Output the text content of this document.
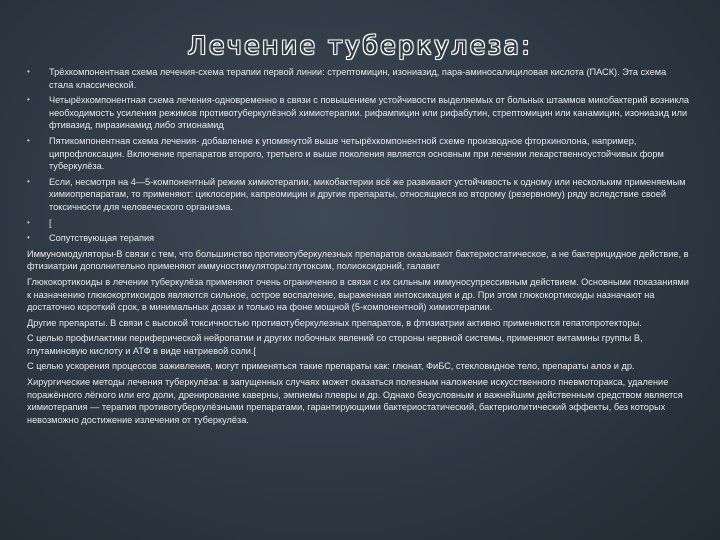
Лечение туберкулеза:
• Трёхкомпонентная схема лечения-схема терапии первой линии: стрептомицин, изониазид, пара-аминосалициловая кислота (ПАСК). Эта схема стала классической.
• Четырёхкомпонентная схема лечения-одновременно в связи с повышением устойчивости выделяемых от больных штаммов микобактерий возникла необходимость усиления режимов противотуберкулёзной химиотерапии. рифампицин или рифабутин, стрептомицин или канамицин, изониазид или фтивазид, пиразинамид либо этионамид
• Пятикомпонентная схема лечения- добавление к упомянутой выше четырёхкомпонентной схеме производное фторхинолона, например, ципрофлоксацин. Включение препаратов второго, третьего и выше поколения является основным при лечении лекарственноустойчивых форм туберкулёза.
• Если, несмотря на 4—5-компонентный режим химиотерапии, микобактерии всё же развивают устойчивость к одному или нескольким применяемым химиопрепаратам, то применяют: циклосерин, капреомицин и другие препараты, относящиеся ко второму (резервному) ряду вследствие своей токсичности для человеческого организма.
• [
• Сопутствующая терапия

Иммуномодуляторы-В связи с тем, что большинство противотуберкулезных препаратов оказывают бактериостатическое, а не бактерицидное действие, в фтизиатрии дополнительно применяют иммуностимуляторы:глутоксим, полиоксидоний, галавит

Глюкокортикоиды в лечении туберкулёза применяют очень ограниченно в связи с их сильным иммуносупрессивным действием. Основными показаниями к назначению глюкокортикоидов являются сильное, острое воспаление, выраженная интоксикация и др. При этом глюкокортикоиды назначают на достаточно короткий срок, в минимальных дозах и только на фоне мощной (5-компонентной) химиотерапии.

Другие препараты. В связи с высокой токсичностью противотуберкулезных препаратов, в фтизиатрии активно применяются гепатопротекторы.

С целью профилактики периферической нейропатии и других побочных явлений со стороны нервной системы, применяют витамины группы B, глутаминовую кислоту и АТФ в виде натриевой соли.[

С целью ускорения процессов заживления, могут применяться такие препараты как: глюнат, ФиБС, стекловидное тело, препараты алоэ и др.

Хирургические методы лечения туберкулёза: в запущенных случаях может оказаться полезным наложение искусственного пневмоторакса, удаление поражённого лёгкого или его доли, дренирование каверны, эмпиемы плевры и др. Однако безусловным и важнейшим действенным средством является химиотерапия — терапия противотуберкулёзными препаратами, гарантирующими бактериостатический, бактериолитический эффекты, без которых невозможно достижение излечения от туберкулёза.
